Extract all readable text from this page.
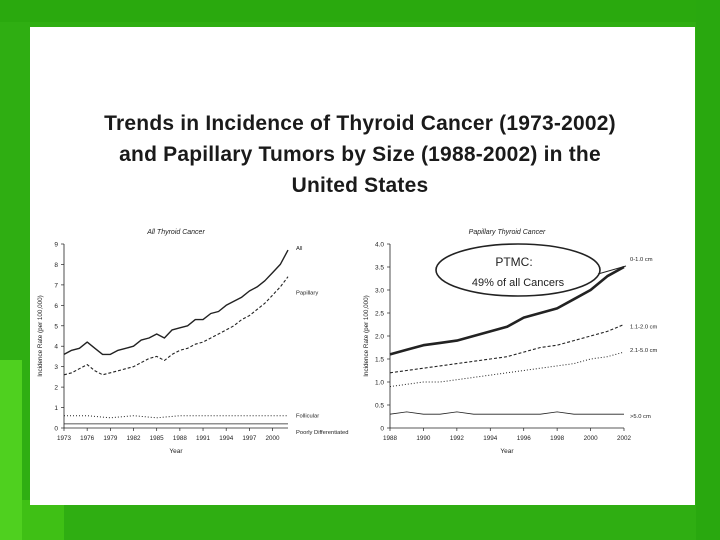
Trends in Incidence of Thyroid Cancer (1973-2002)
and Papillary Tumors by Size (1988-2002) in the
United States
All Thyroid Cancer
0
1
2
3
4
5
6
7
8
9
1973 1976 1979 1982 1985 1988 1991 1994 1997 2000
Year
Incidence Rate (per 100,000)
All
Papillary
Follicular
Poorly Differentiated
Papillary Thyroid Cancer
0
0.5
1.0
1.5
2.0
2.5
3.0
3.5
4.0
1988	1990	1992	1994	1996	1998	2000	2002
Year
Incidence Rate (per 100,000)
0-1.0 cm
1.1-2.0 cm
2.1-5.0 cm
>5.0 cm
PTMC:
49% of all Cancers
